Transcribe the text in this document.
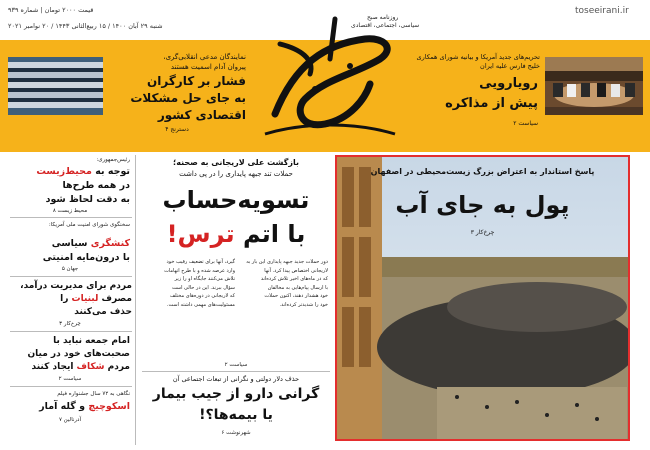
قیمت ۲۰۰۰ تومان | شماره ۹۳۹
شنبه ۲۹ آبان ۱۴۰۰ / ۱۵ ربیع‌الثانی ۱۴۴۳ / ۲۰ نوامبر ۲۰۲۱
toseeirani.ir
روزنامه صبح
سیاسی، اجتماعی، اقتصادی
تحریم‌های جدید آمریکا و بیانیه شورای همکاری خلیج فارس علیه ایران
رویارویی
پیش از مذاکره
سیاست ۲
نمایندگان مدعی انقلابی‌گری،
پیروان آدام اسمیت هستند
فشار بر کارگران
به جای حل مشکلات
اقتصادی کشور
دسترنج ۴
رئیس‌جمهوری:
توجه به محیط‌زیست
در همه طرح‌ها
به دقت لحاظ شود
محیط زیست ۸
سخنگوی شورای امنیت ملی آمریکا:
کنشگری سیاسی
با درون‌مایه امنیتی
جهان ۵
مردم برای مدیریت درآمد،
مصرف لبنیات را
حذف می‌کنند
چرخ‌کار ۳
امام جمعه نباید با
صحبت‌های خود در میان
مردم شکاف ایجاد کنند
سیاست ۲
نگاهی به ۷۲ سال جشنواره فیلم
اسکوچیچ و گله آمار
آدرنالین ۷
بازگشت علی لاریجانی به صحنه؛
حملات تند جبهه پایداری را در پی داشت
تسویه‌حساب
با اتم ترس!
دور حملات جدید جبهه پایداری این بار به
لاریجانی اختصاص پیدا کرد. آنها
که در ماه‌های اخیر تلاش کرده‌اند
با ارسال پیام‌هایی به مخالفان
خود هشدار دهند، اکنون حملات
خود را شدیدتر کرده‌اند.
گیرد، آنها برای تضعیف رقیب خود
وارد عرصه شده و با طرح اتهامات
تلاش می‌کنند جایگاه او را زیر
سؤال ببرند. این در حالی است
که لاریجانی در دوره‌های مختلف
مسئولیت‌های مهمی داشته است.
سیاست ۲
حذف دلار دولتی و نگرانی از تبعات اجتماعی آن
گرانی دارو از جیب بیمار
یا بیمه‌ها؟!
شهرنوشت ۶
پاسخ استاندار به اعتراض بزرگ زیست‌محیطی در اصفهان
پول به جای آب
چرخ‌کار ۳
